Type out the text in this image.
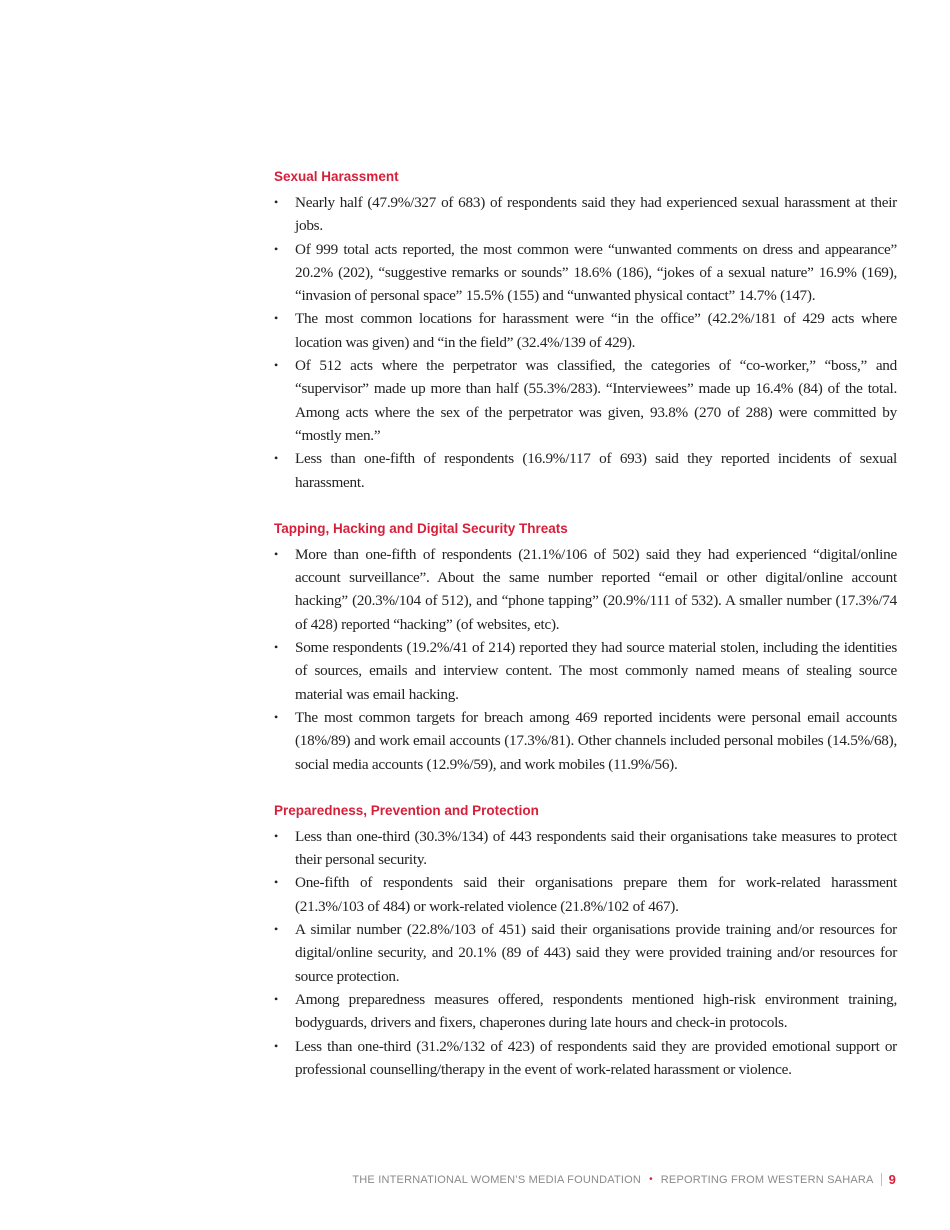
Sexual Harassment
• Nearly half (47.9%/327 of 683) of respondents said they had experienced sexual harassment at their jobs.
• Of 999 total acts reported, the most common were “unwanted comments on dress and appearance” 20.2% (202), “suggestive remarks or sounds” 18.6% (186), “jokes of a sexual nature” 16.9% (169), “invasion of personal space” 15.5% (155) and “unwanted physical contact” 14.7% (147).
• The most common locations for harassment were “in the office” (42.2%/181 of 429 acts where location was given) and “in the field” (32.4%/139 of 429).
• Of 512 acts where the perpetrator was classified, the categories of “co-worker,” “boss,” and “supervisor” made up more than half (55.3%/283). “Interviewees” made up 16.4% (84) of the total. Among acts where the sex of the perpetrator was given, 93.8% (270 of 288) were committed by “mostly men.”
• Less than one-fifth of respondents (16.9%/117 of 693) said they reported incidents of sexual harassment.
Tapping, Hacking and Digital Security Threats
• More than one-fifth of respondents (21.1%/106 of 502) said they had experienced “digital/online account surveillance”. About the same number reported “email or other digital/online account hacking” (20.3%/104 of 512), and “phone tapping” (20.9%/111 of 532). A smaller number (17.3%/74 of 428) reported “hacking” (of websites, etc).
• Some respondents (19.2%/41 of 214) reported they had source material stolen, including the identities of sources, emails and interview content. The most commonly named means of stealing source material was email hacking.
• The most common targets for breach among 469 reported incidents were personal email accounts (18%/89) and work email accounts (17.3%/81). Other channels included personal mobiles (14.5%/68), social media accounts (12.9%/59), and work mobiles (11.9%/56).
Preparedness, Prevention and Protection
• Less than one-third (30.3%/134) of 443 respondents said their organisations take measures to protect their personal security.
• One-fifth of respondents said their organisations prepare them for work-related harassment (21.3%/103 of 484) or work-related violence (21.8%/102 of 467).
• A similar number (22.8%/103 of 451) said their organisations provide training and/or resources for digital/online security, and 20.1% (89 of 443) said they were provided training and/or resources for source protection.
• Among preparedness measures offered, respondents mentioned high-risk environment training, bodyguards, drivers and fixers, chaperones during late hours and check-in protocols.
• Less than one-third (31.2%/132 of 423) of respondents said they are provided emotional support or professional counselling/therapy in the event of work-related harassment or violence.
THE INTERNATIONAL WOMEN’S MEDIA FOUNDATION • REPORTING FROM WESTERN SAHARA 9
